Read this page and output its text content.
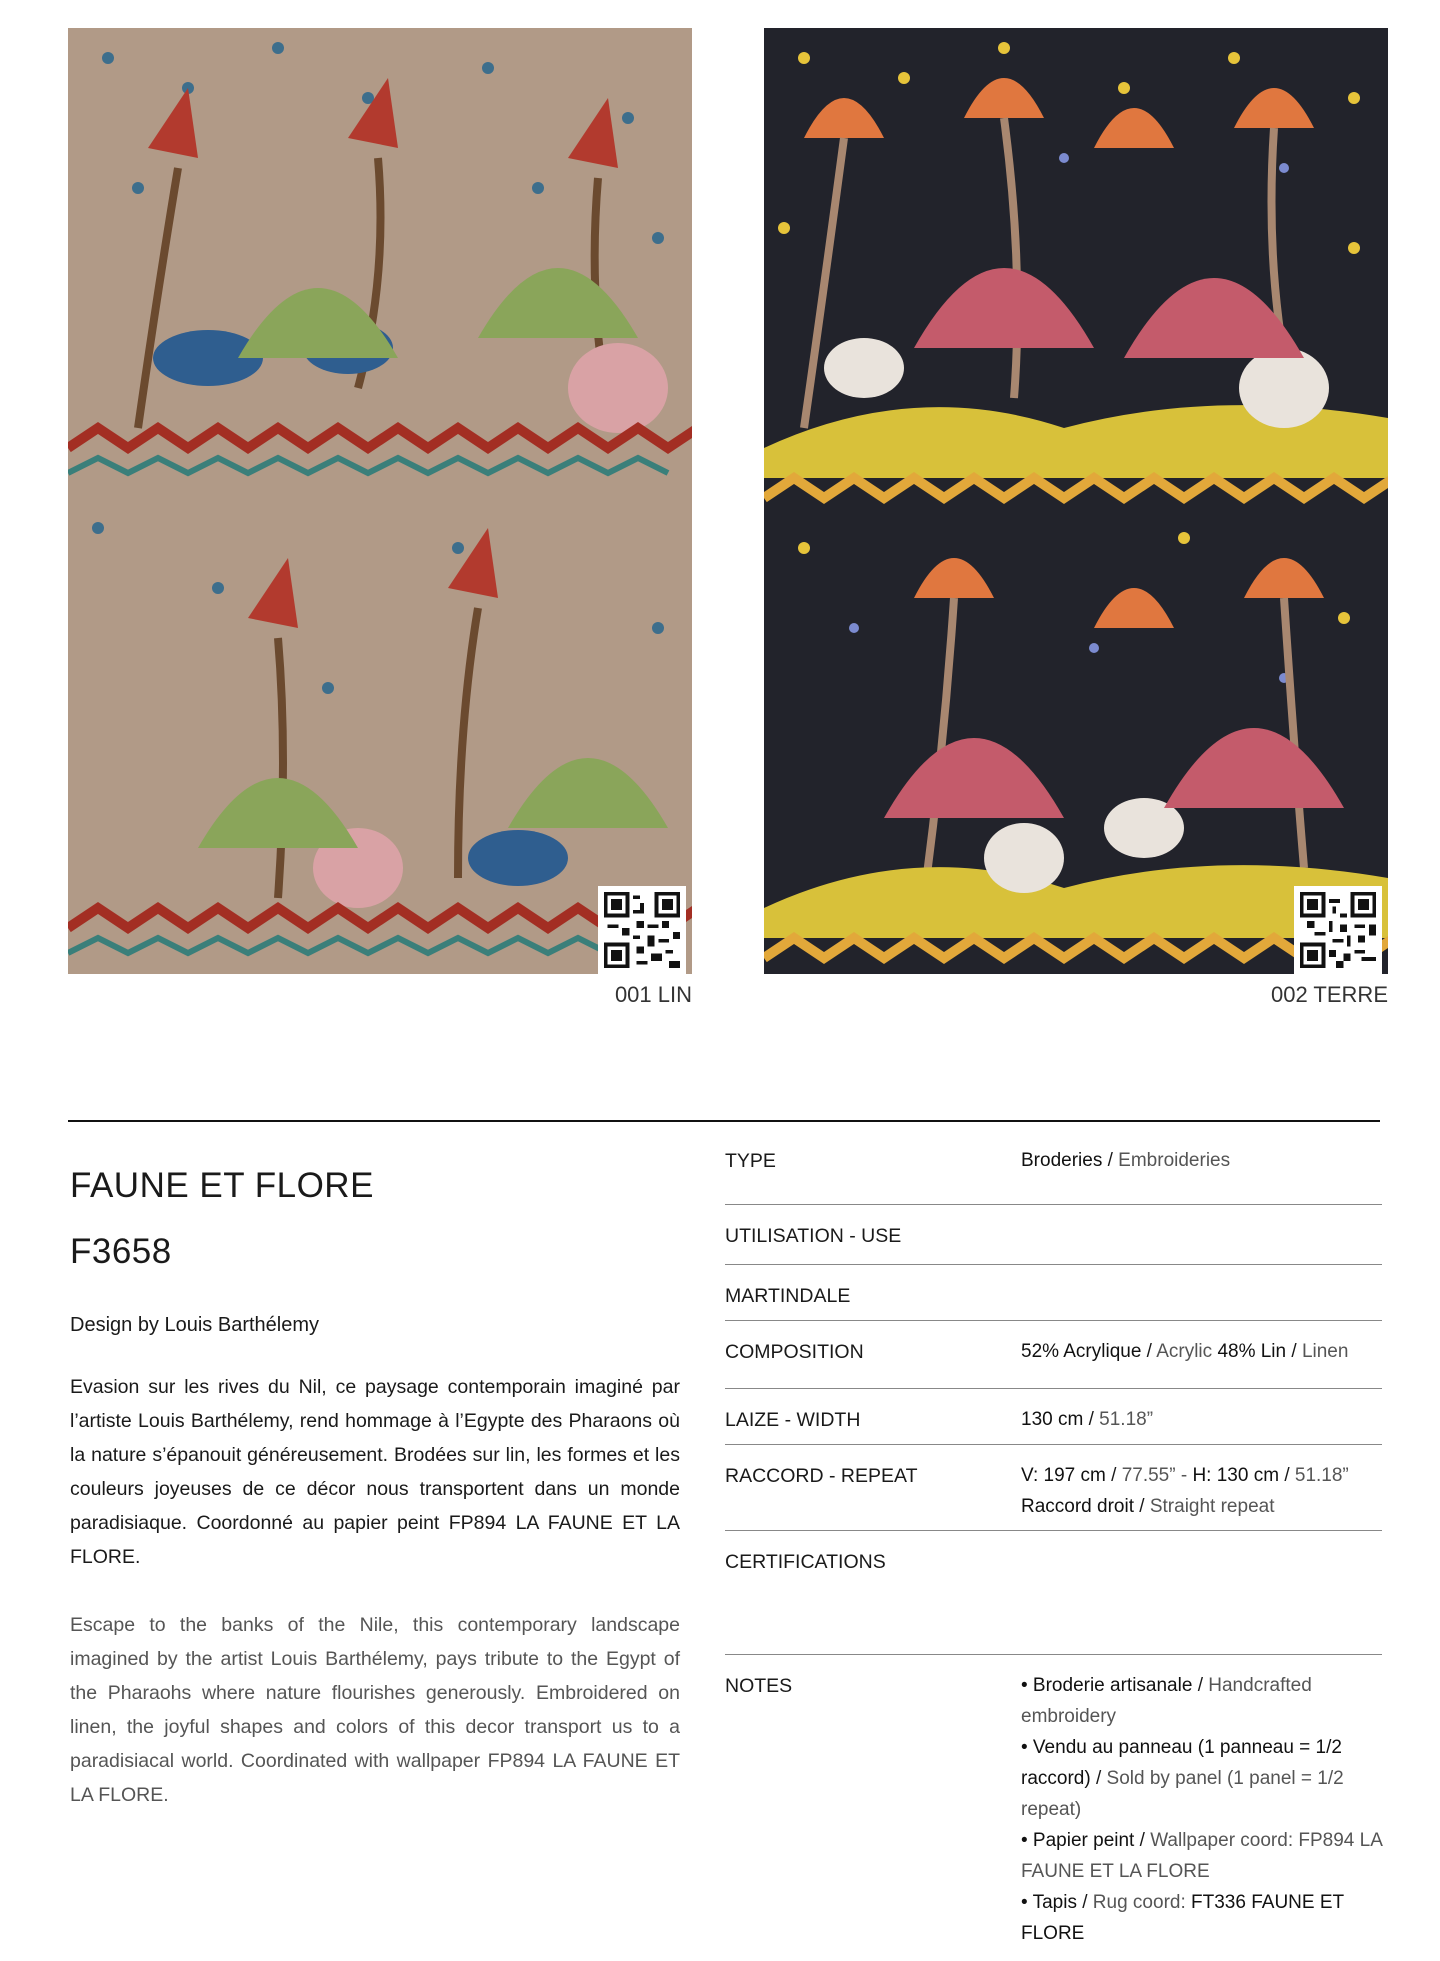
001 LIN	002 TERRE
FAUNE ET FLORE
F3658
Design by Louis Barthélemy

Evasion sur les rives du Nil, ce paysage contemporain imaginé par l’artiste Louis Barthélemy, rend hommage à l’Egypte des Pharaons où la nature s’épanouit généreusement. Brodées sur lin, les formes et les couleurs joyeuses de ce décor nous transportent dans un monde paradisiaque. Coordonné au papier peint FP894 LA FAUNE ET LA FLORE.

Escape to the banks of the Nile, this contemporary landscape imagined by the artist Louis Barthélemy, pays tribute to the Egypt of the Pharaohs where nature flourishes generously. Embroidered on linen, the joyful shapes and colors of this decor transport us to a paradisiacal world. Coordinated with wallpaper FP894 LA FAUNE ET LA FLORE.

TYPE	Broderies / Embroideries
UTILISATION - USE
MARTINDALE
COMPOSITION	52% Acrylique / Acrylic 48% Lin / Linen
LAIZE - WIDTH	130 cm / 51.18”
RACCORD - REPEAT	V: 197 cm / 77.55” - H: 130 cm / 51.18”
Raccord droit / Straight repeat
CERTIFICATIONS
NOTES	• Broderie artisanale / Handcrafted embroidery
• Vendu au panneau (1 panneau = 1/2 raccord) / Sold by panel (1 panel = 1/2 repeat)
• Papier peint / Wallpaper coord: FP894 LA FAUNE ET LA FLORE
• Tapis / Rug coord: FT336 FAUNE ET FLORE
